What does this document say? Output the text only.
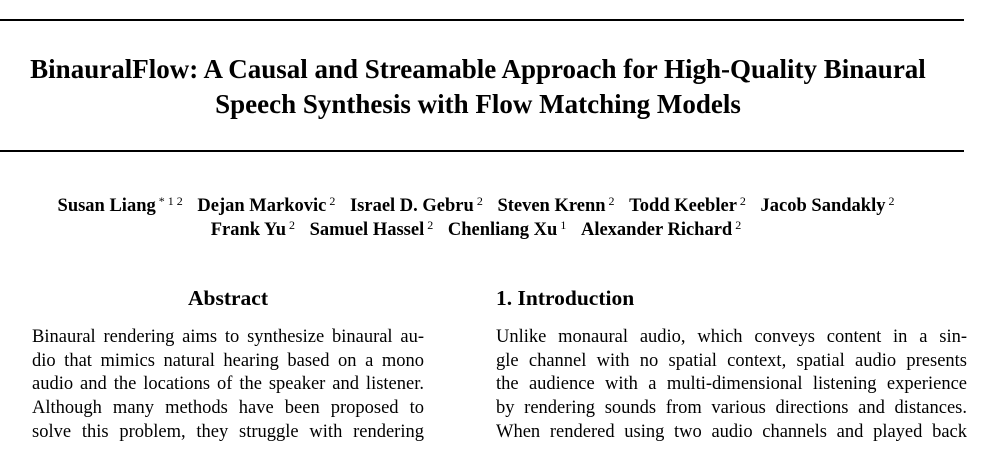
BinauralFlow: A Causal and Streamable Approach for High-Quality Binaural
Speech Synthesis with Flow Matching Models
Susan Liang $^{* 1 2}$ Dejan Markovic $^2$ Israel D. Gebru $^2$ Steven Krenn $^2$ Todd Keebler $^2$ Jacob Sandakly $^2$
Frank Yu $^2$ Samuel Hassel $^2$ Chenliang Xu $^1$ Alexander Richard $^2$
Abstract

Binaural rendering aims to synthesize binaural au-
dio that mimics natural hearing based on a mono
audio and the locations of the speaker and listener.
Although many methods have been proposed to
solve this problem, they struggle with rendering

1. Introduction

Unlike monaural audio, which conveys content in a sin-
gle channel with no spatial context, spatial audio presents
the audience with a multi-dimensional listening experience
by rendering sounds from various directions and distances.
When rendered using two audio channels and played back
